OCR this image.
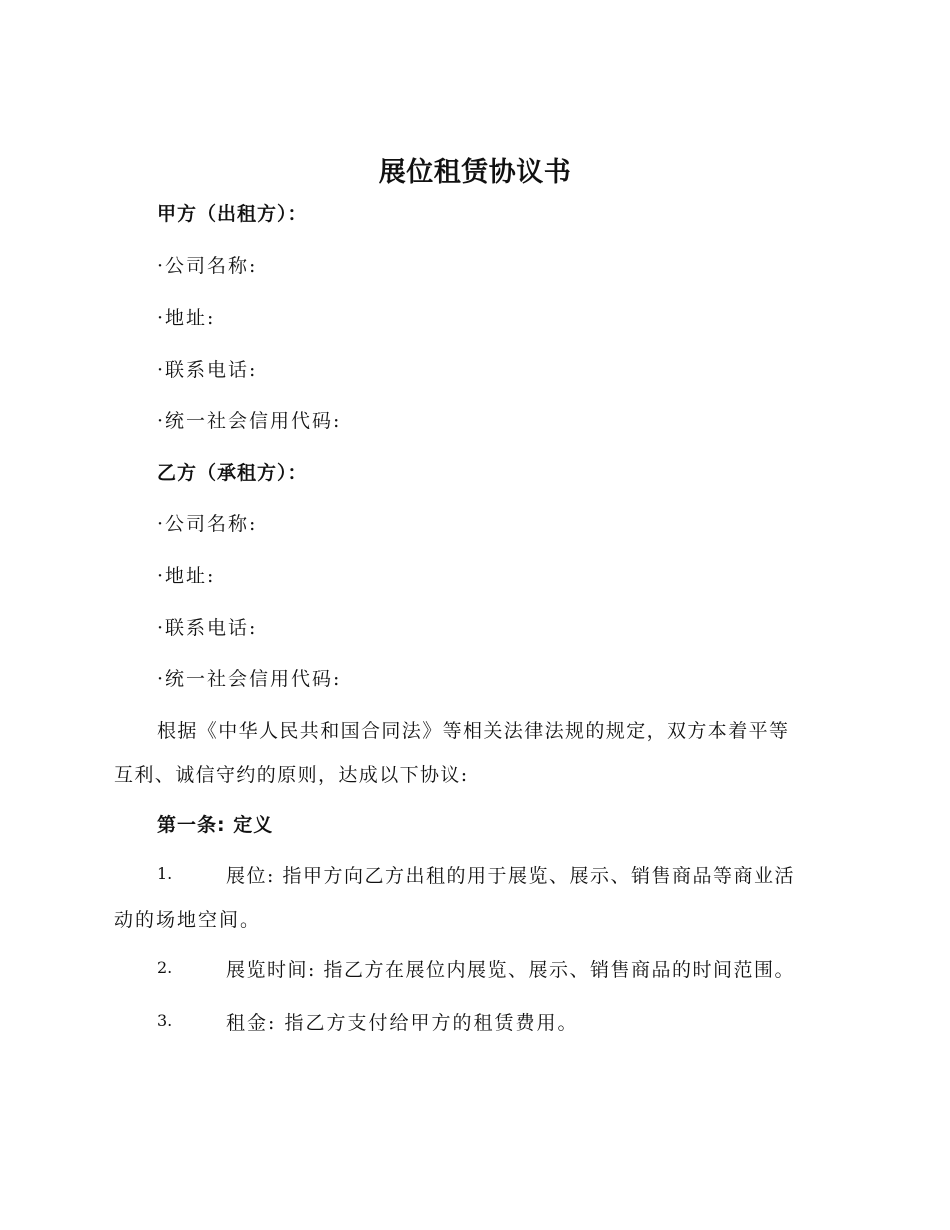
展位租赁协议书
甲方（出租方）：
· 公司名称:
· 地址:
· 联系电话:
· 统一社会信用代码:
乙方（承租方）：
· 公司名称:
· 地址:
· 联系电话:
· 统一社会信用代码:
根据《中华人民共和国合同法》等相关法律法规的规定，双方本着平等
互利、诚信守约的原则，达成以下协议:
第一条: 定义
1.	展位: 指甲方向乙方出租的用于展览、展示、销售商品等商业活
动的场地空间。
2.	展览时间: 指乙方在展位内展览、展示、销售商品的时间范围。
3.	租金: 指乙方支付给甲方的租赁费用。
